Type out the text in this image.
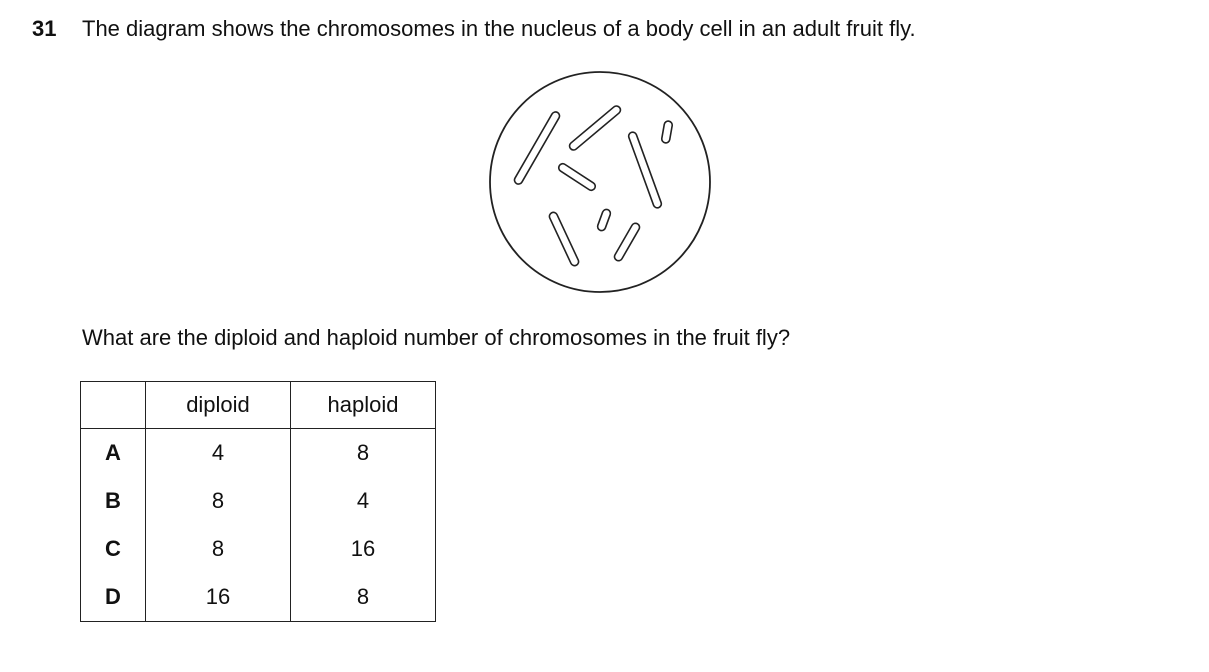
31 The diagram shows the chromosomes in the nucleus of a body cell in an adult fruit fly.
What are the diploid and haploid number of chromosomes in the fruit fly?
	diploid	haploid
A	4	8
B	8	4
C	8	16
D	16	8
